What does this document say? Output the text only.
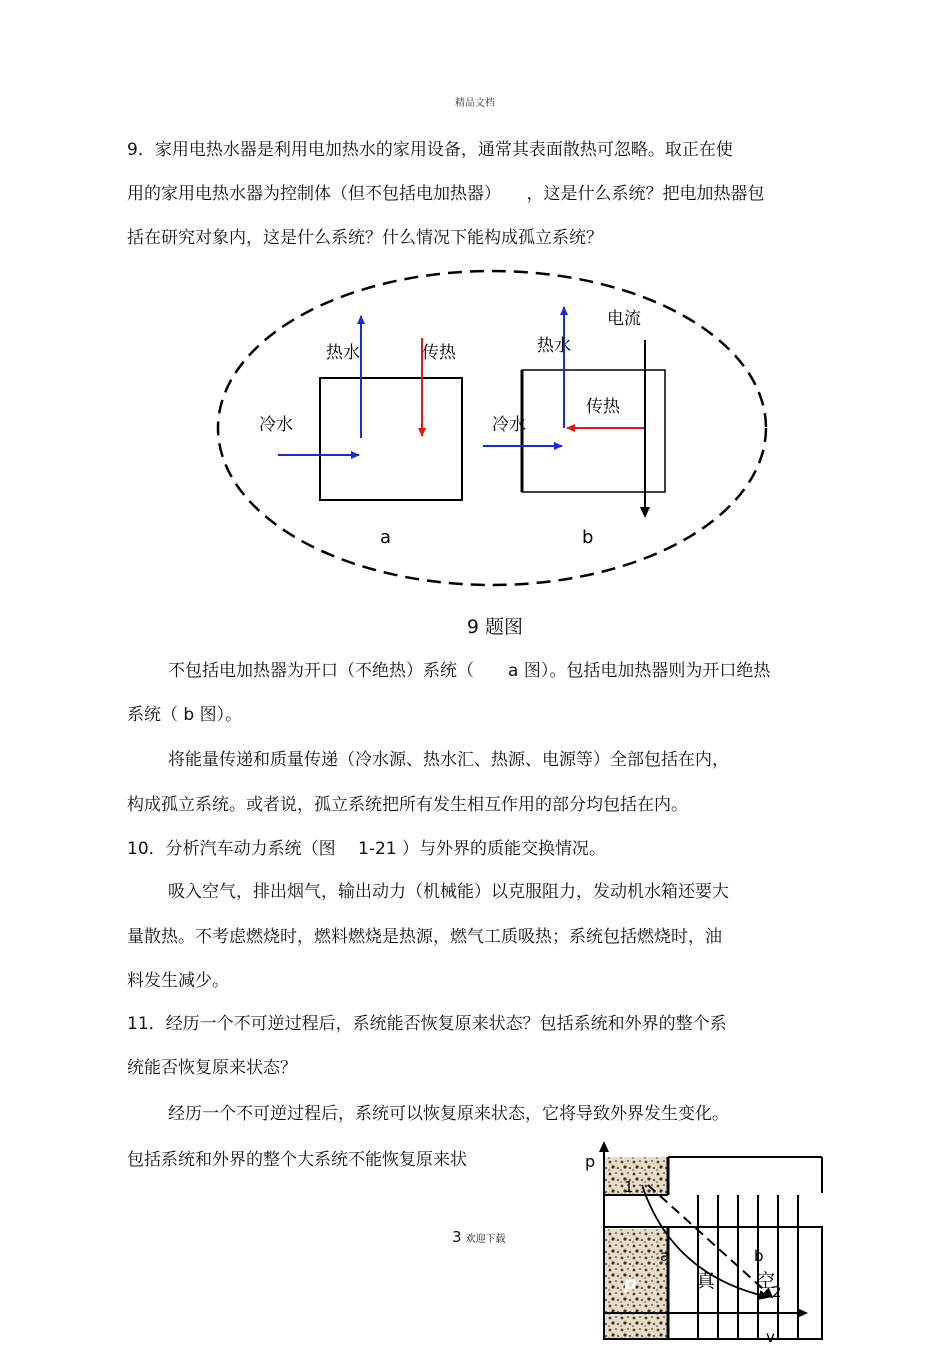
精品文档
9．家用电热水器是利用电加热水的家用设备，通常其表面散热可忽略。取正在使
用的家用电热水器为控制体（但不包括电加热器）　　，这是什么系统？把电加热器包
括在研究对象内，这是什么系统？什么情况下能构成孤立系统？
热水	传热
冷水
a
电流
热水
传热
冷水
b
9 题图
不包括电加热器为开口（不绝热）系统（　　a 图）。包括电加热器则为开口绝热
系统（ b 图）。
将能量传递和质量传递（冷水源、热水汇、热源、电源等）全部包括在内，
构成孤立系统。或者说，孤立系统把所有发生相互作用的部分均包括在内。
10．分析汽车动力系统（图　 1-21 ）与外界的质能交换情况。
吸入空气，排出烟气，输出动力（机械能）以克服阻力，发动机水箱还要大
量散热。不考虑燃烧时，燃料燃烧是热源，燃气工质吸热；系统包括燃烧时，油
料发生减少。
11．经历一个不可逆过程后，系统能否恢复原来状态？包括系统和外界的整个系
统能否恢复原来状态？
经历一个不可逆过程后，系统可以恢复原来状态，它将导致外界发生变化。
包括系统和外界的整个大系统不能恢复原来状	p
1
a	b
2
v
p	真 空
3 欢迎下载
